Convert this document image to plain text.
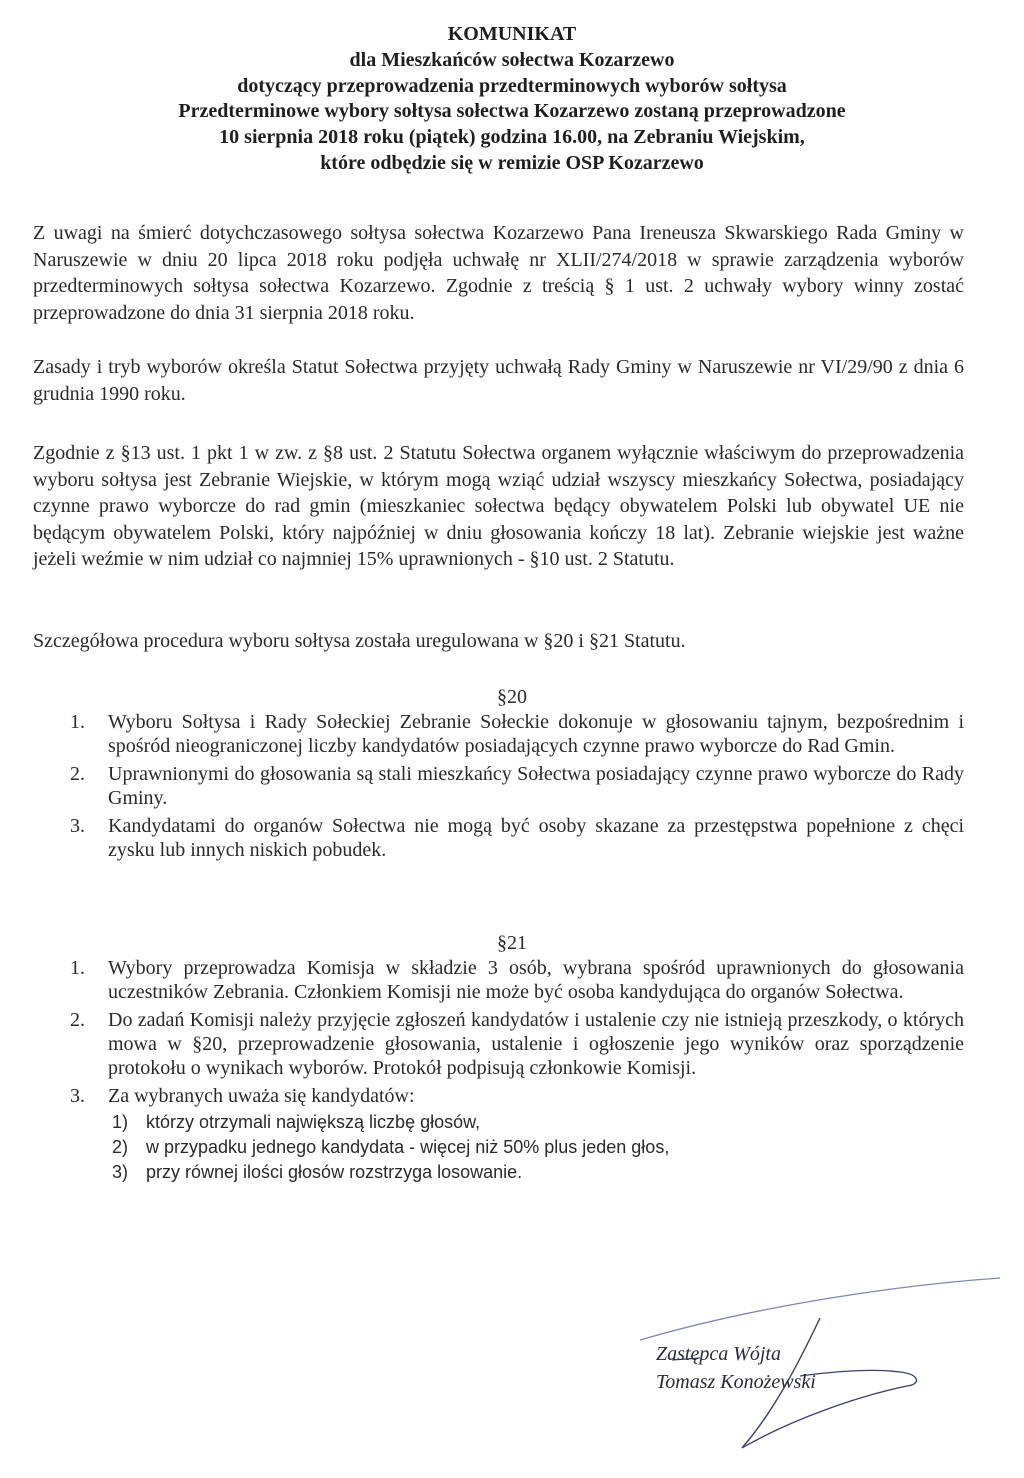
KOMUNIKAT
dla Mieszkańców sołectwa Kozarzewo
dotyczący przeprowadzenia przedterminowych wyborów sołtysa
Przedterminowe wybory sołtysa sołectwa Kozarzewo zostaną przeprowadzone
10 sierpnia 2018 roku (piątek) godzina 16.00, na Zebraniu Wiejskim,
które odbędzie się w remizie OSP Kozarzewo

Z uwagi na śmierć dotychczasowego sołtysa sołectwa Kozarzewo Pana Ireneusza Skwarskiego Rada Gminy w Naruszewie w dniu 20 lipca 2018 roku podjęła uchwałę nr XLII/274/2018 w sprawie zarządzenia wyborów przedterminowych sołtysa sołectwa Kozarzewo. Zgodnie z treścią § 1 ust. 2 uchwały wybory winny zostać przeprowadzone do dnia 31 sierpnia 2018 roku.

Zasady i tryb wyborów określa Statut Sołectwa przyjęty uchwałą Rady Gminy w Naruszewie nr VI/29/90 z dnia 6 grudnia 1990 roku.

Zgodnie z §13 ust. 1 pkt 1 w zw. z §8 ust. 2 Statutu Sołectwa organem wyłącznie właściwym do przeprowadzenia wyboru sołtysa jest Zebranie Wiejskie, w którym mogą wziąć udział wszyscy mieszkańcy Sołectwa, posiadający czynne prawo wyborcze do rad gmin (mieszkaniec sołectwa będący obywatelem Polski lub obywatel UE nie będącym obywatelem Polski, który najpóźniej w dniu głosowania kończy 18 lat). Zebranie wiejskie jest ważne jeżeli weźmie w nim udział co najmniej 15% uprawnionych - §10 ust. 2 Statutu.

Szczegółowa procedura wyboru sołtysa została uregulowana w §20 i §21 Statutu.

§20
1. Wyboru Sołtysa i Rady Sołeckiej Zebranie Sołeckie dokonuje w głosowaniu tajnym, bezpośrednim i spośród nieograniczonej liczby kandydatów posiadających czynne prawo wyborcze do Rad Gmin.
2. Uprawnionymi do głosowania są stali mieszkańcy Sołectwa posiadający czynne prawo wyborcze do Rady Gminy.
3. Kandydatami do organów Sołectwa nie mogą być osoby skazane za przestępstwa popełnione z chęci zysku lub innych niskich pobudek.
§21
1. Wybory przeprowadza Komisja w składzie 3 osób, wybrana spośród uprawnionych do głosowania uczestników Zebrania. Członkiem Komisji nie może być osoba kandydująca do organów Sołectwa.
2. Do zadań Komisji należy przyjęcie zgłoszeń kandydatów i ustalenie czy nie istnieją przeszkody, o których mowa w §20, przeprowadzenie głosowania, ustalenie i ogłoszenie jego wyników oraz sporządzenie protokołu o wynikach wyborów. Protokół podpisują członkowie Komisji.
3. Za wybranych uważa się kandydatów:
1) którzy otrzymali największą liczbę głosów,
2) w przypadku jednego kandydata - więcej niż 50% plus jeden głos,
3) przy równej ilości głosów rozstrzyga losowanie.
Zastępca Wójta
Tomasz Konożewski
